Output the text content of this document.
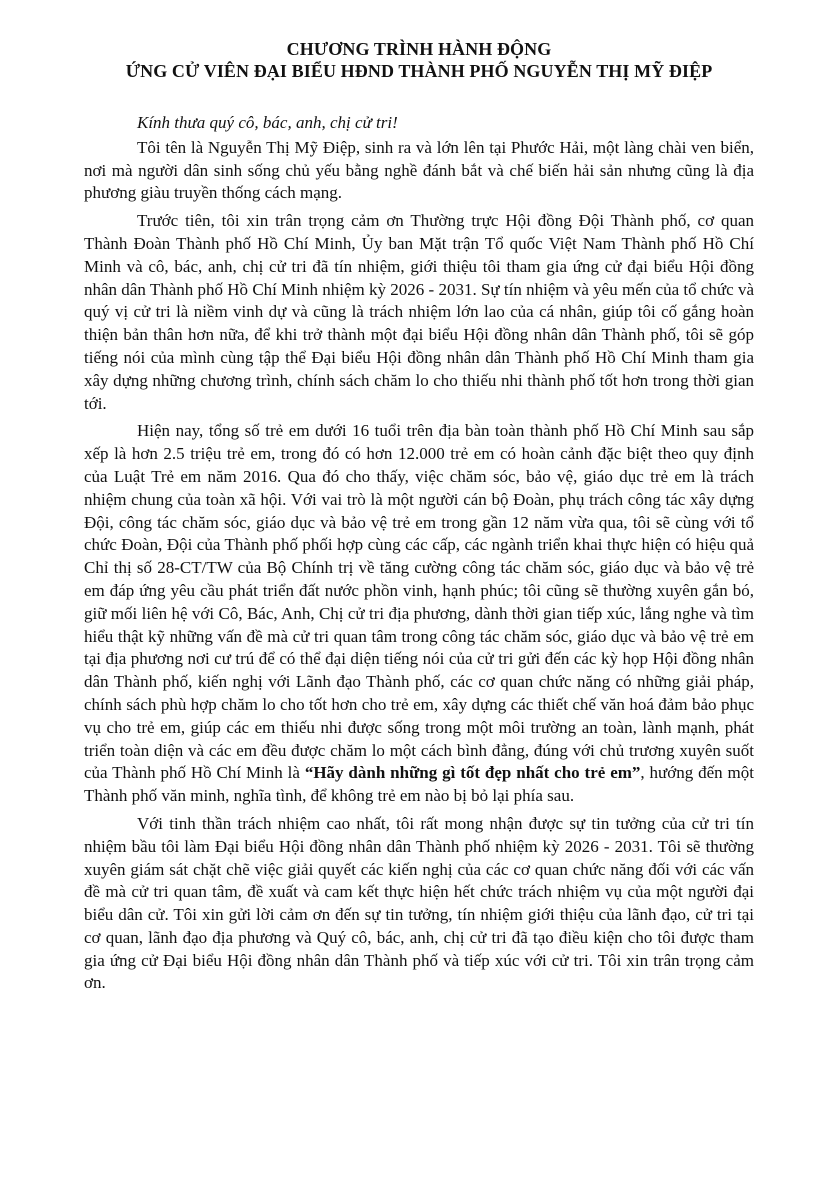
CHƯƠNG TRÌNH HÀNH ĐỘNG
ỨNG CỬ VIÊN ĐẠI BIỂU HĐND THÀNH PHỐ NGUYỄN THỊ MỸ ĐIỆP

Kính thưa quý cô, bác, anh, chị cử tri!

Tôi tên là Nguyễn Thị Mỹ Điệp, sinh ra và lớn lên tại Phước Hải, một làng chài ven biển, nơi mà người dân sinh sống chủ yếu bằng nghề đánh bắt và chế biến hải sản nhưng cũng là địa phương giàu truyền thống cách mạng.

Trước tiên, tôi xin trân trọng cảm ơn Thường trực Hội đồng Đội Thành phố, cơ quan Thành Đoàn Thành phố Hồ Chí Minh, Ủy ban Mặt trận Tổ quốc Việt Nam Thành phố Hồ Chí Minh và cô, bác, anh, chị cử tri đã tín nhiệm, giới thiệu tôi tham gia ứng cử đại biểu Hội đồng nhân dân Thành phố Hồ Chí Minh nhiệm kỳ 2026 - 2031. Sự tín nhiệm và yêu mến của tổ chức và quý vị cử tri là niềm vinh dự và cũng là trách nhiệm lớn lao của cá nhân, giúp tôi cố gắng hoàn thiện bản thân hơn nữa, để khi trở thành một đại biểu Hội đồng nhân dân Thành phố, tôi sẽ góp tiếng nói của mình cùng tập thể Đại biểu Hội đồng nhân dân Thành phố Hồ Chí Minh tham gia xây dựng những chương trình, chính sách chăm lo cho thiếu nhi thành phố tốt hơn trong thời gian tới.

Hiện nay, tổng số trẻ em dưới 16 tuổi trên địa bàn toàn thành phố Hồ Chí Minh sau sắp xếp là hơn 2.5 triệu trẻ em, trong đó có hơn 12.000 trẻ em có hoàn cảnh đặc biệt theo quy định của Luật Trẻ em năm 2016. Qua đó cho thấy, việc chăm sóc, bảo vệ, giáo dục trẻ em là trách nhiệm chung của toàn xã hội. Với vai trò là một người cán bộ Đoàn, phụ trách công tác xây dựng Đội, công tác chăm sóc, giáo dục và bảo vệ trẻ em trong gần 12 năm vừa qua, tôi sẽ cùng với tổ chức Đoàn, Đội của Thành phố phối hợp cùng các cấp, các ngành triển khai thực hiện có hiệu quả Chỉ thị số 28-CT/TW của Bộ Chính trị về tăng cường công tác chăm sóc, giáo dục và bảo vệ trẻ em đáp ứng yêu cầu phát triển đất nước phồn vinh, hạnh phúc; tôi cũng sẽ thường xuyên gắn bó, giữ mối liên hệ với Cô, Bác, Anh, Chị cử tri địa phương, dành thời gian tiếp xúc, lắng nghe và tìm hiểu thật kỹ những vấn đề mà cử tri quan tâm trong công tác chăm sóc, giáo dục và bảo vệ trẻ em tại địa phương nơi cư trú để có thể đại diện tiếng nói của cử tri gửi đến các kỳ họp Hội đồng nhân dân Thành phố, kiến nghị với Lãnh đạo Thành phố, các cơ quan chức năng có những giải pháp, chính sách phù hợp chăm lo cho tốt hơn cho trẻ em, xây dựng các thiết chế văn hoá đảm bảo phục vụ cho trẻ em, giúp các em thiếu nhi được sống trong một môi trường an toàn, lành mạnh, phát triển toàn diện và các em đều được chăm lo một cách bình đẳng, đúng với chủ trương xuyên suốt của Thành phố Hồ Chí Minh là “Hãy dành những gì tốt đẹp nhất cho trẻ em”, hướng đến một Thành phố văn minh, nghĩa tình, để không trẻ em nào bị bỏ lại phía sau.

Với tinh thần trách nhiệm cao nhất, tôi rất mong nhận được sự tin tưởng của cử tri tín nhiệm bầu tôi làm Đại biểu Hội đồng nhân dân Thành phố nhiệm kỳ 2026 - 2031. Tôi sẽ thường xuyên giám sát chặt chẽ việc giải quyết các kiến nghị của các cơ quan chức năng đối với các vấn đề mà cử tri quan tâm, đề xuất và cam kết thực hiện hết chức trách nhiệm vụ của một người đại biểu dân cử. Tôi xin gửi lời cảm ơn đến sự tin tưởng, tín nhiệm giới thiệu của lãnh đạo, cử tri tại cơ quan, lãnh đạo địa phương và Quý cô, bác, anh, chị cử tri đã tạo điều kiện cho tôi được tham gia ứng cử Đại biểu Hội đồng nhân dân Thành phố và tiếp xúc với cử tri. Tôi xin trân trọng cảm ơn.
